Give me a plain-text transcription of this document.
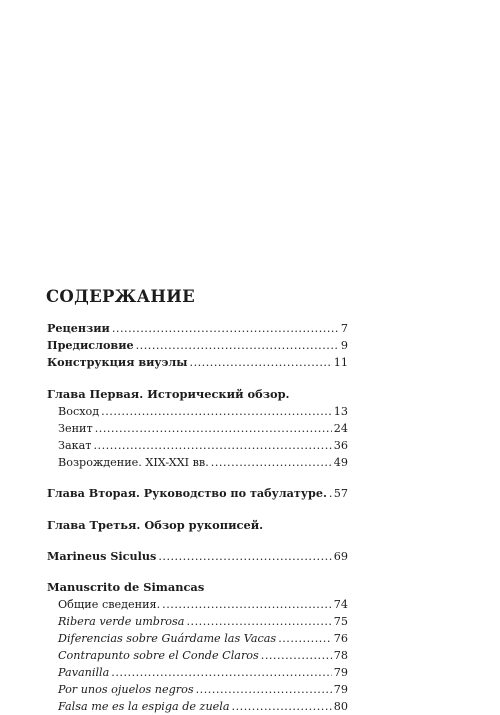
СОДЕРЖАНИЕ
Рецензии .....	7
Предисловие .....	9
Конструкция виуэлы .....	11
Глава Первая. Исторический обзор.
Восход .....	13
Зенит .....	24
Закат .....	36
Возрождение. XIX-XXI вв. .....	49
Глава Вторая. Руководство по табулатуре. ..... 57
Глава Третья. Обзор рукописей.
Marineus Siculus .....	69
Manuscrito de Simancas
Общие сведения. .....	74
Ribera verde umbrosa .....	75
Diferencias sobre Guárdame las Vacas .....	76
Contrapunto sobre el Conde Claros .....	78
Pavanilla .....	79
Por unos ojuelos negros .....	79
Falsa me es la espiga de zuela .....	80
